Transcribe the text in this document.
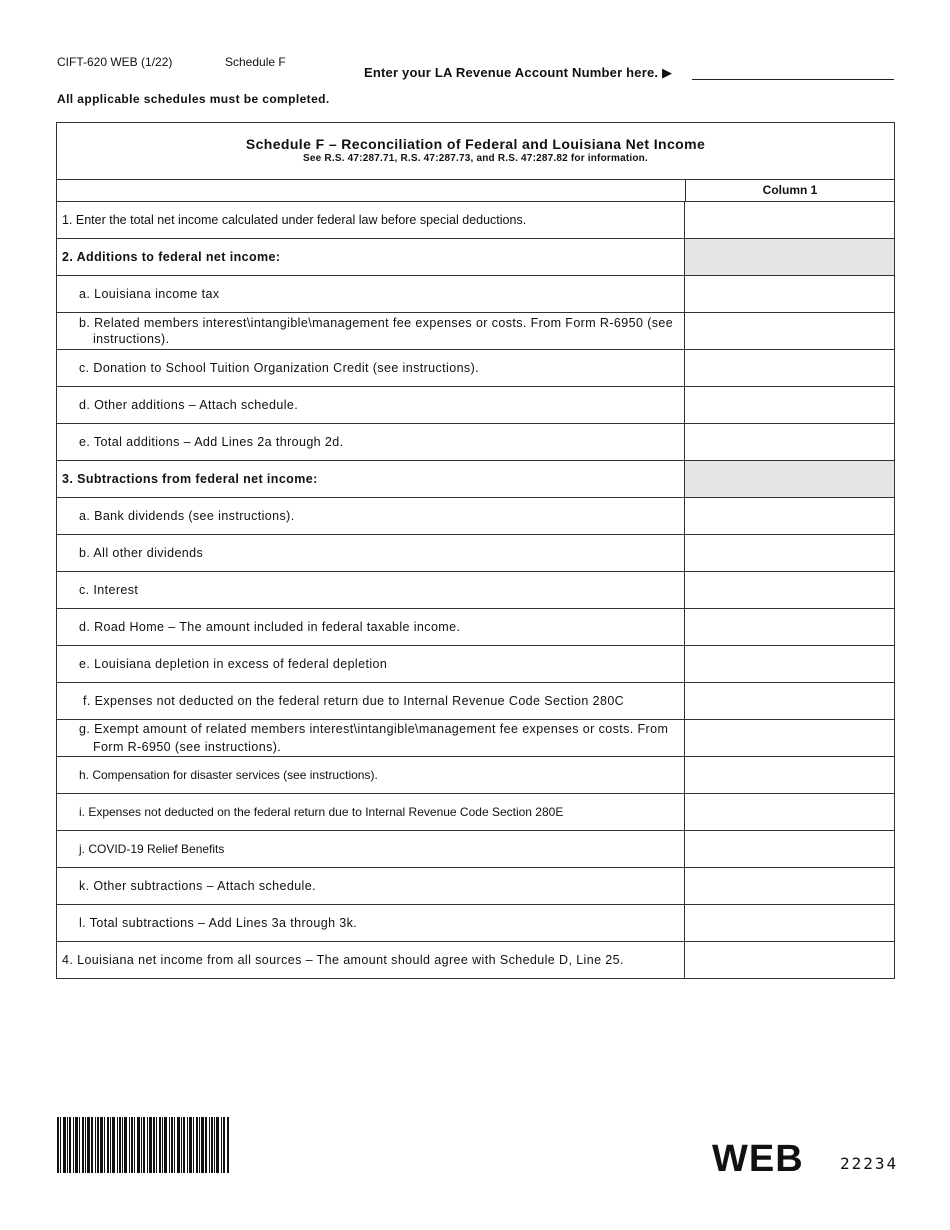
CIFT-620 WEB (1/22)	Schedule F
Enter your LA Revenue Account Number here. ▶
All applicable schedules must be completed.
Schedule F – Reconciliation of Federal and Louisiana Net Income
See R.S. 47:287.71, R.S. 47:287.73, and R.S. 47:287.82 for information.
Column 1
1. Enter the total net income calculated under federal law before special deductions.
2. Additions to federal net income:
a. Louisiana income tax
b. Related members interest\intangible\management fee expenses or costs. From Form R-6950 (see instructions).
c. Donation to School Tuition Organization Credit (see instructions).
d. Other additions – Attach schedule.
e. Total additions – Add Lines 2a through 2d.
3. Subtractions from federal net income:
a. Bank dividends (see instructions).
b. All other dividends
c. Interest
d. Road Home – The amount included in federal taxable income.
e. Louisiana depletion in excess of federal depletion
f. Expenses not deducted on the federal return due to Internal Revenue Code Section 280C
g. Exempt amount of related members interest\intangible\management fee expenses or costs. From Form R-6950 (see instructions).
h. Compensation for disaster services (see instructions).
i. Expenses not deducted on the federal return due to Internal Revenue Code Section 280E
j. COVID-19 Relief Benefits
k. Other subtractions – Attach schedule.
l. Total subtractions – Add Lines 3a through 3k.
4. Louisiana net income from all sources – The amount should agree with Schedule D, Line 25.
WEB 22234
